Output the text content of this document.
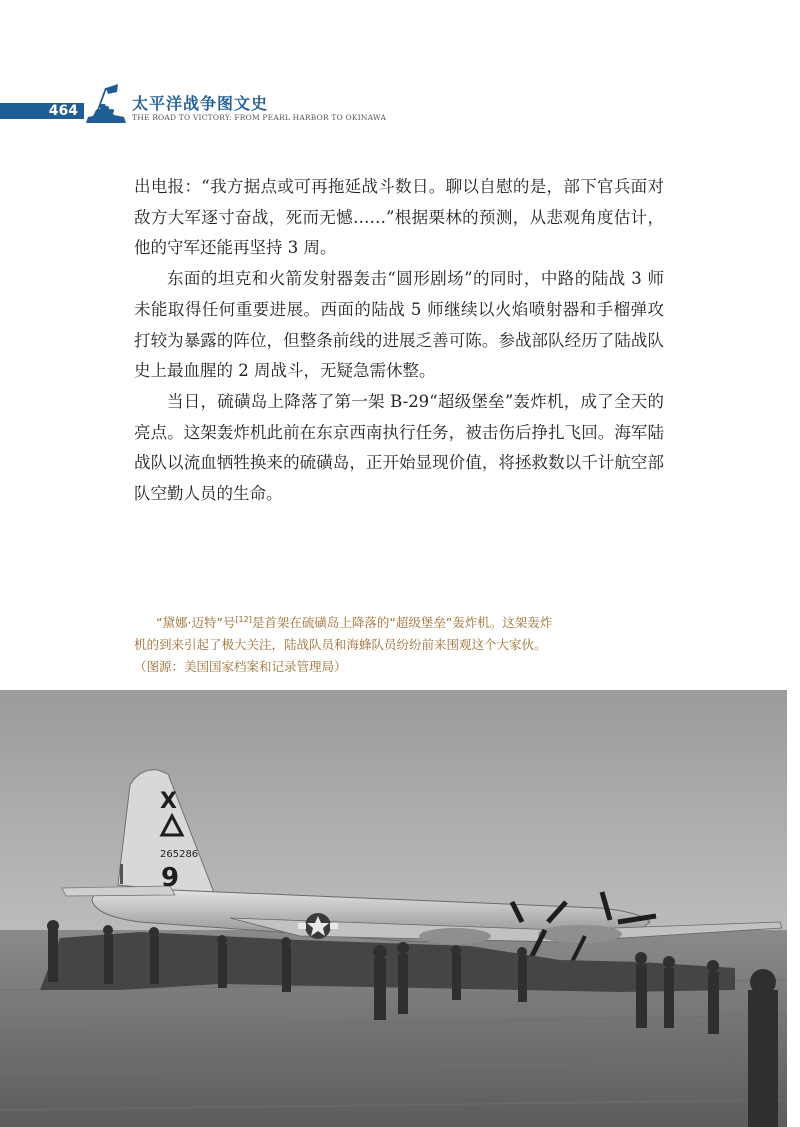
464	太平洋战争图文史
THE ROAD TO VICTORY: FROM PEARL HARBOR TO OKINAWA

出电报：“我方据点或可再拖延战斗数日。聊以自慰的是，部下官兵面对敌方大军逐寸奋战，死而无憾……”根据栗林的预测，从悲观角度估计，他的守军还能再坚持 3 周。

东面的坦克和火箭发射器轰击“圆形剧场”的同时，中路的陆战 3 师未能取得任何重要进展。西面的陆战 5 师继续以火焰喷射器和手榴弹攻打较为暴露的阵位，但整条前线的进展乏善可陈。参战部队经历了陆战队史上最血腥的 2 周战斗，无疑急需休整。

当日，硫磺岛上降落了第一架 B-29“超级堡垒”轰炸机，成了全天的亮点。这架轰炸机此前在东京西南执行任务，被击伤后挣扎飞回。海军陆战队以流血牺牲换来的硫磺岛，正开始显现价值，将拯救数以千计航空部队空勤人员的生命。

“黛娜·迈特”号[12]是首架在硫磺岛上降落的“超级堡垒”轰炸机。这架轰炸机的到来引起了极大关注，陆战队员和海蜂队员纷纷前来围观这个大家伙。（图源：美国国家档案和记录管理局）
X
265286
9
